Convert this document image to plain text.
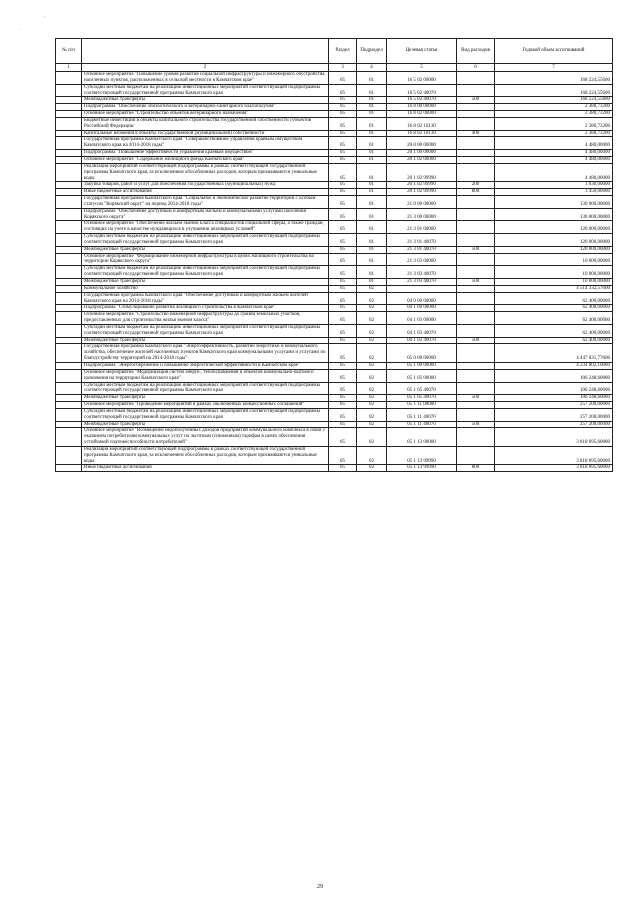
·
.
№ п/п		Раздел	Подраздел	Целевая статья	Вид расходов	Годовой объем ассигнований
1	2	3	4	5	6	7
	Основное мероприятие "Повышение уровня развития социальной инфраструктуры и инженерного обустройства населенных пунктов, расположенных в сельской местности в Камчатском крае"	05	01	16 5 02 00000		168 224,55600
	Субсидии местным бюджетам на реализацию инвестиционных мероприятий соответствующей подпрограммы соответствующей государственной программы Камчатского края	05	01	16 5 02 40070		168 224,55600
	Межбюджетные трансферты	05	01	16 5 02 40070	500	168 224,55600
	Подпрограмма "Обеспечение эпизоотического и ветеринарно-санитарного благополучия"	05	01	16 8 00 00000		2 380,73200
	Основное мероприятие "Строительство объектов ветеринарного назначения"	05	01	16 8 02 00000		2 380,73200
	Бюджетные инвестиции в объекты капитального строительства государственной собственности субъектов Российской Федерации	05	01	16 8 02 10130		2 380,73200
	Капитальные вложения в объекты государственной (муниципальной) собственности	05	01	16 8 02 10130	400	2 380,73200
	Государственная программа Камчатского края "Совершенствование управления краевым имуществом Камчатского края на 2014-2018 годы"	05	01	20 0 00 00000		4 480,00000
	Подпрограмма "Повышение эффективности управления краевым имуществом"	05	01	20 1 00 00000		4 480,00000
	Основное мероприятие "Содержание жилищного фонда Камчатского края"	05	01	20 1 02 00000		4 480,00000
	Реализация мероприятий соответствующей подпрограммы в рамках соответствующей государственной программы Камчатского края, за исключением обособленных расходов, которым присваиваются уникальные коды	05	01	20 1 02 99990		4 480,00000
	Закупка товаров, работ и услуг для обеспечения государственных (муниципальных) нужд	05	01	20 1 02 99990	200	1 030,00000
	Иные бюджетные ассигнования	05	01	20 1 02 99990	800	3 450,00000
	Государственная программа Камчатского края "Социальное и экономическое развитие территории с особым статусом "Корякский округ" на период 2014-2018 годы"	05	01	21 0 00 00000		130 000,00000
	Подпрограмма "Обеспечение доступным и комфортным жильем и коммунальными услугами населения Корякского округа"	05	01	21 3 00 00000		130 000,00000
	Основное мероприятие "Обеспечение жильем эконом класса специалистов социальной сферы, а также граждан, состоящих на учете в качестве нуждающихся в улучшении жилищных условий"	05	01	21 3 01 00000		120 000,00000
	Субсидии местным бюджетам на реализацию инвестиционных мероприятий соответствующей подпрограммы соответствующей государственной программы Камчатского края	05	01	21 3 01 40070		120 000,00000
	Межбюджетные трансферты	05	01	21 3 01 40070	500	120 000,00000
	Основное мероприятие "Формирование инженерной инфраструктуры в целях жилищного строительства на территории Корякского округа"	05	01	21 3 03 00000		10 000,00000
	Субсидии местным бюджетам на реализацию инвестиционных мероприятий соответствующей подпрограммы соответствующей государственной программы Камчатского края	05	01	21 3 03 40070		10 000,00000
	Межбюджетные трансферты	05	01	21 3 03 40070	500	10 000,00000
	Коммунальное хозяйство	05	02			4 514 332,57600
	Государственная программа Камчатского края "Обеспечение доступным и комфортным жильем жителей Камчатского края на 2014-2018 годы"	05	02	04 0 00 00000		62 400,00000
	Подпрограмма "Стимулирование развития жилищного строительства в Камчатском крае"	05	02	04 1 00 00000		62 400,00000
	Основное мероприятие "Строительство инженерной инфраструктуры до границ земельных участков, предоставленных для строительства жилья эконом класса"	05	02	04 1 03 00000		62 400,00000
	Субсидии местным бюджетам на реализацию инвестиционных мероприятий соответствующей подпрограммы соответствующей государственной программы Камчатского края	05	02	04 1 03 40070		62 400,00000
	Межбюджетные трансферты	05	02	04 1 03 40070	500	62 400,00000
	Государственная программа Камчатского края "Энергоэффективность, развитие энергетики и коммунального хозяйства, обеспечение жителей населенных пунктов Камчатского края коммунальными услугами и услугами по благоустройству территорий на 2014-2018 годы"	05	02	05 0 00 00000		4 447 031,77600
	Подпрограмма "Энергосбережение и повышение энергетической эффективности в Камчатском крае"	05	02	05 1 00 00000		4 234 802,10000
	Основное мероприятие "Модернизация систем энерго-, теплоснабжения и объектов коммунально-бытового назначения на территории Камчатского края"	05	02	05 1 05 00000		106 248,60000
	Субсидии местным бюджетам на реализацию инвестиционных мероприятий соответствующей подпрограммы соответствующей государственной программы Камчатского края	05	02	05 1 05 40070		106 248,60000
	Межбюджетные трансферты	05	02	05 1 05 40070	500	106 248,60000
	Основное мероприятие "Проведение мероприятий в рамках заключенных концессионных соглашений"	05	02	05 1 11 00000		257 200,00000
	Субсидии местным бюджетам на реализацию инвестиционных мероприятий соответствующей подпрограммы соответствующей государственной программы Камчатского края	05	02	05 1 11 40070		257 200,00000
	Межбюджетные трансферты	05	02	05 1 11 40070	500	257 200,00000
	Основное мероприятие "Возмещение недополученных доходов предприятий коммунального комплекса в связи с оказанием потребителям коммунальных услуг по льготным (сниженным) тарифам в целях обеспечения устойчивой платежеспособности потребителей"	05	02	05 1 13 00000		3 818 695,60000
	Реализация мероприятий соответствующей подпрограммы в рамках соответствующей государственной программы Камчатского края, за исключением обособленных расходов, которым присваиваются уникальные коды	05	02	05 1 13 99990		3 818 695,60000
	Иные бюджетные ассигнования	05	02	05 1 13 99990	800	3 818 695,60000
29
